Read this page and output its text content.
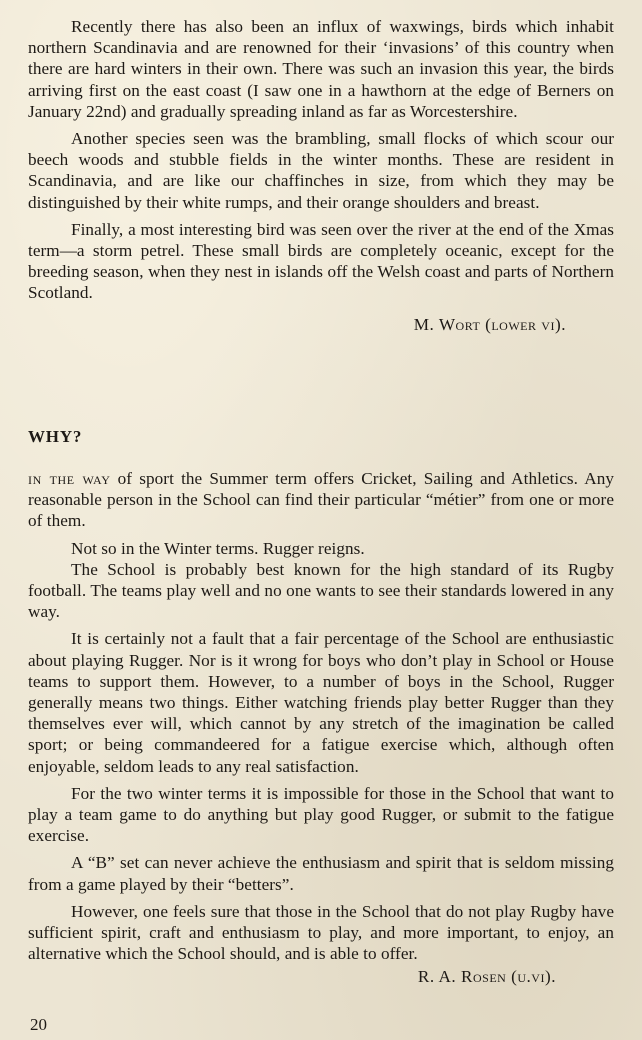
Recently there has also been an influx of waxwings, birds which inhabit northern Scandinavia and are renowned for their ‘invasions’ of this country when there are hard winters in their own. There was such an invasion this year, the birds arriving first on the east coast (I saw one in a hawthorn at the edge of Berners on January 22nd) and gradually spreading inland as far as Worcestershire.

Another species seen was the brambling, small flocks of which scour our beech woods and stubble fields in the winter months. These are resident in Scandinavia, and are like our chaffinches in size, from which they may be distinguished by their white rumps, and their orange shoulders and breast.

Finally, a most interesting bird was seen over the river at the end of the Xmas term—a storm petrel. These small birds are completely oceanic, except for the breeding season, when they nest in islands off the Welsh coast and parts of Northern Scotland.

M. Wort (lower vi).
WHY?

in the way of sport the Summer term offers Cricket, Sailing and Athletics. Any reasonable person in the School can find their particular “métier” from one or more of them.

Not so in the Winter terms. Rugger reigns.

The School is probably best known for the high standard of its Rugby football. The teams play well and no one wants to see their standards lowered in any way.

It is certainly not a fault that a fair percentage of the School are enthusiastic about playing Rugger. Nor is it wrong for boys who don’t play in School or House teams to support them. However, to a number of boys in the School, Rugger generally means two things. Either watching friends play better Rugger than they themselves ever will, which cannot by any stretch of the imagination be called sport; or being commandeered for a fatigue exercise which, although often enjoyable, seldom leads to any real satisfaction.

For the two winter terms it is impossible for those in the School that want to play a team game to do anything but play good Rugger, or submit to the fatigue exercise.

A “B” set can never achieve the enthusiasm and spirit that is seldom missing from a game played by their “betters”.

However, one feels sure that those in the School that do not play Rugby have sufficient spirit, craft and enthusiasm to play, and more important, to enjoy, an alternative which the School should, and is able to offer.

R. A. Rosen (u.vi).
20
